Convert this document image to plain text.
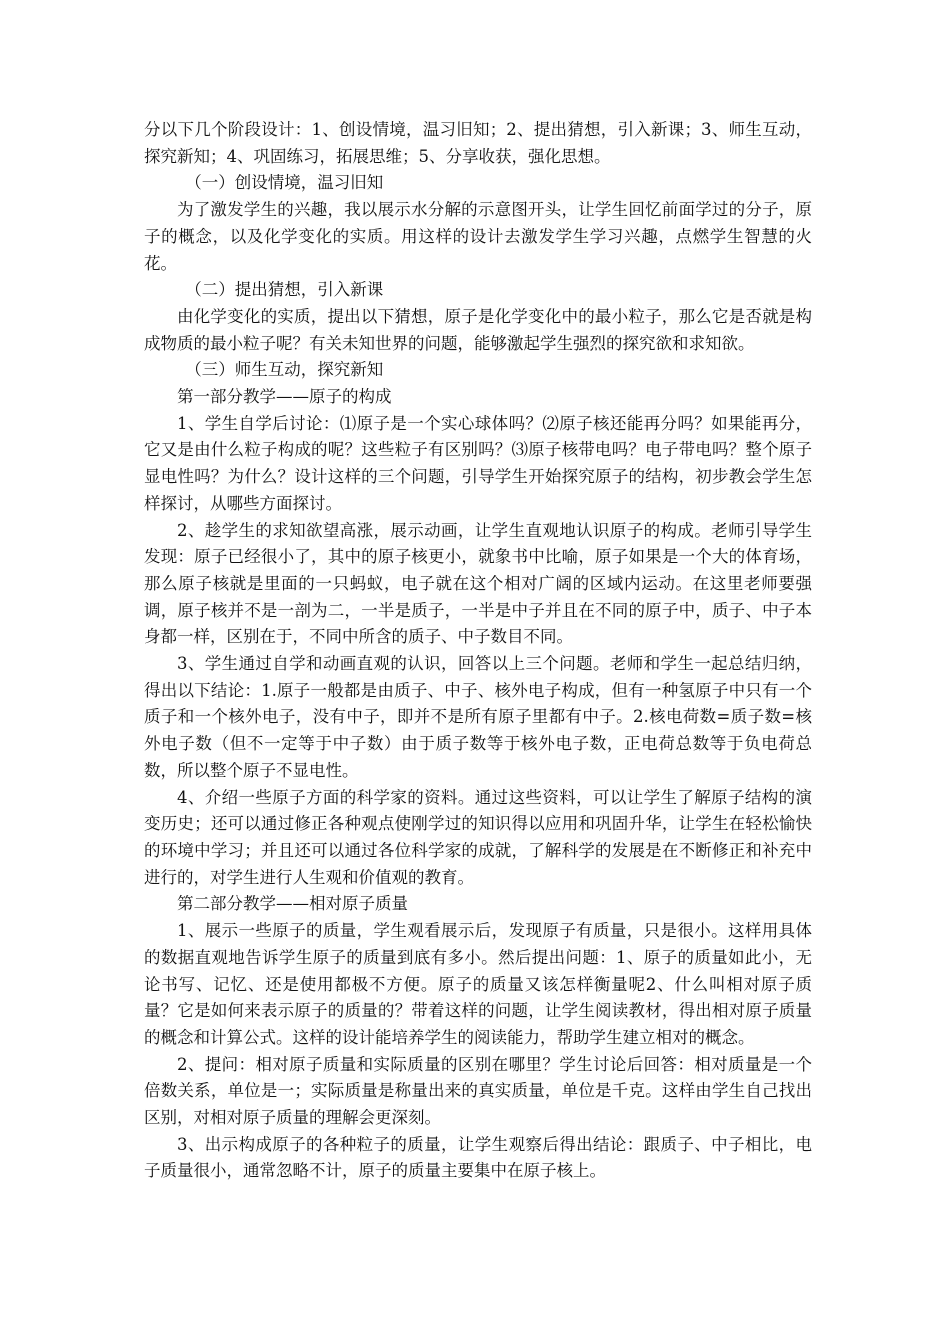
分以下几个阶段设计：1、创设情境，温习旧知；2、提出猜想，引入新课；3、师生互动，探究新知；4、巩固练习，拓展思维；5、分享收获，强化思想。

（一）创设情境，温习旧知

为了激发学生的兴趣，我以展示水分解的示意图开头，让学生回忆前面学过的分子，原子的概念，以及化学变化的实质。用这样的设计去激发学生学习兴趣，点燃学生智慧的火花。

（二）提出猜想，引入新课

由化学变化的实质，提出以下猜想，原子是化学变化中的最小粒子，那么它是否就是构成物质的最小粒子呢？有关未知世界的问题，能够激起学生强烈的探究欲和求知欲。

（三）师生互动，探究新知

第一部分教学——原子的构成

1、学生自学后讨论：⑴原子是一个实心球体吗？⑵原子核还能再分吗？如果能再分，它又是由什么粒子构成的呢？这些粒子有区别吗？⑶原子核带电吗？电子带电吗？整个原子显电性吗？为什么？设计这样的三个问题，引导学生开始探究原子的结构，初步教会学生怎样探讨，从哪些方面探讨。

2、趁学生的求知欲望高涨，展示动画，让学生直观地认识原子的构成。老师引导学生发现：原子已经很小了，其中的原子核更小，就象书中比喻，原子如果是一个大的体育场，那么原子核就是里面的一只蚂蚁，电子就在这个相对广阔的区域内运动。在这里老师要强调，原子核并不是一剖为二，一半是质子，一半是中子并且在不同的原子中，质子、中子本身都一样，区别在于，不同中所含的质子、中子数目不同。

3、学生通过自学和动画直观的认识，回答以上三个问题。老师和学生一起总结归纳，得出以下结论：1.原子一般都是由质子、中子、核外电子构成，但有一种氢原子中只有一个质子和一个核外电子，没有中子，即并不是所有原子里都有中子。2.核电荷数=质子数=核外电子数（但不一定等于中子数）由于质子数等于核外电子数，正电荷总数等于负电荷总数，所以整个原子不显电性。

4、介绍一些原子方面的科学家的资料。通过这些资料，可以让学生了解原子结构的演变历史；还可以通过修正各种观点使刚学过的知识得以应用和巩固升华，让学生在轻松愉快的环境中学习；并且还可以通过各位科学家的成就，了解科学的发展是在不断修正和补充中进行的，对学生进行人生观和价值观的教育。

第二部分教学——相对原子质量

1、展示一些原子的质量，学生观看展示后，发现原子有质量，只是很小。这样用具体的数据直观地告诉学生原子的质量到底有多小。然后提出问题：1、原子的质量如此小，无论书写、记忆、还是使用都极不方便。原子的质量又该怎样衡量呢2、什么叫相对原子质量？它是如何来表示原子的质量的？带着这样的问题，让学生阅读教材，得出相对原子质量的概念和计算公式。这样的设计能培养学生的阅读能力，帮助学生建立相对的概念。

2、提问：相对原子质量和实际质量的区别在哪里？学生讨论后回答：相对质量是一个倍数关系，单位是一；实际质量是称量出来的真实质量，单位是千克。这样由学生自己找出区别，对相对原子质量的理解会更深刻。

3、出示构成原子的各种粒子的质量，让学生观察后得出结论：跟质子、中子相比，电子质量很小，通常忽略不计，原子的质量主要集中在原子核上。
